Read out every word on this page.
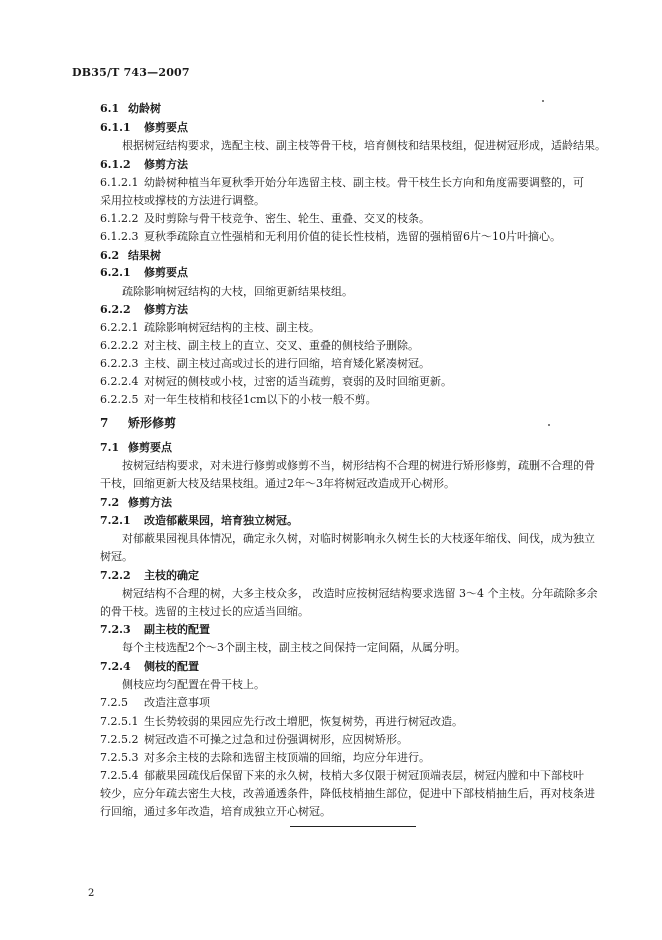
DB35/T 743—2007
6.1 幼龄树
6.1.1 修剪要点
根据树冠结构要求，选配主枝、副主枝等骨干枝，培育侧枝和结果枝组，促进树冠形成，适龄结果。
6.1.2 修剪方法
6.1.2.1 幼龄树种植当年夏秋季开始分年选留主枝、副主枝。骨干枝生长方向和角度需要调整的，可
采用拉枝或撑枝的方法进行调整。
6.1.2.2 及时剪除与骨干枝竞争、密生、轮生、重叠、交叉的枝条。
6.1.2.3 夏秋季疏除直立性强梢和无利用价值的徒长性枝梢，选留的强梢留6片～10片叶摘心。
6.2 结果树
6.2.1 修剪要点
疏除影响树冠结构的大枝，回缩更新结果枝组。
6.2.2 修剪方法
6.2.2.1 疏除影响树冠结构的主枝、副主枝。
6.2.2.2 对主枝、副主枝上的直立、交叉、重叠的侧枝给予删除。
6.2.2.3 主枝、副主枝过高或过长的进行回缩，培育矮化紧凑树冠。
6.2.2.4 对树冠的侧枝或小枝，过密的适当疏剪，衰弱的及时回缩更新。
6.2.2.5 对一年生枝梢和枝径1cm以下的小枝一般不剪。
7 矫形修剪
7.1 修剪要点
按树冠结构要求，对未进行修剪或修剪不当，树形结构不合理的树进行矫形修剪，疏删不合理的骨
干枝，回缩更新大枝及结果枝组。通过2年～3年将树冠改造成开心树形。
7.2 修剪方法
7.2.1 改造郁蔽果园，培育独立树冠。
对郁蔽果园视具体情况，确定永久树，对临时树影响永久树生长的大枝逐年缩伐、间伐，成为独立
树冠。
7.2.2 主枝的确定
树冠结构不合理的树，大多主枝众多， 改造时应按树冠结构要求选留 3～4 个主枝。分年疏除多余
的骨干枝。选留的主枝过长的应适当回缩。
7.2.3 副主枝的配置
每个主枝选配2个～3个副主枝，副主枝之间保持一定间隔，从属分明。
7.2.4 侧枝的配置
侧枝应均匀配置在骨干枝上。
7.2.5 改造注意事项
7.2.5.1 生长势较弱的果园应先行改土增肥，恢复树势，再进行树冠改造。
7.2.5.2 树冠改造不可操之过急和过份强调树形，应因树矫形。
7.2.5.3 对多余主枝的去除和选留主枝顶端的回缩，均应分年进行。
7.2.5.4 郁蔽果园疏伐后保留下来的永久树，枝梢大多仅限于树冠顶端表层，树冠内膛和中下部枝叶
较少，应分年疏去密生大枝，改善通透条件，降低枝梢抽生部位，促进中下部枝梢抽生后，再对枝条进
行回缩，通过多年改造，培育成独立开心树冠。
2
